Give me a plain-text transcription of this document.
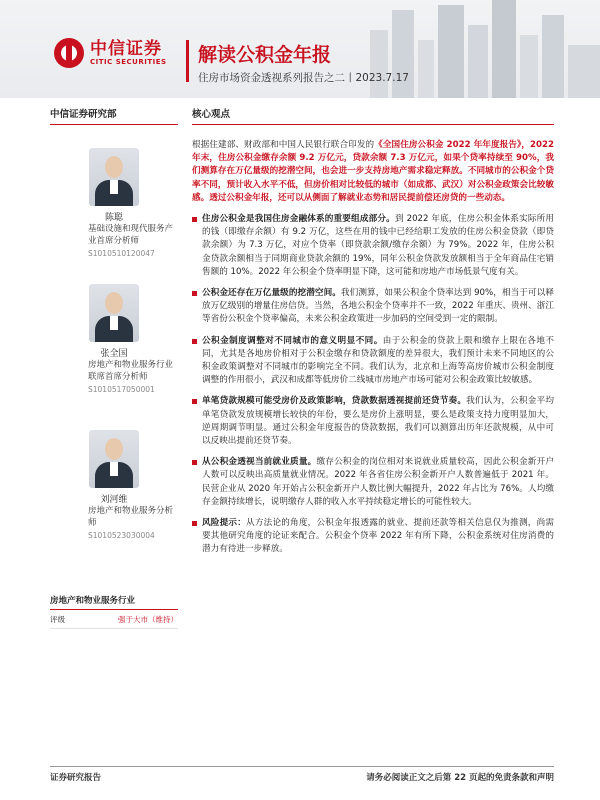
中信证券
CITIC SECURITIES 解读公积金年报
住房市场资金透视系列报告之二丨2023.7.17
中信证券研究部
陈聪
基础设施和现代服务产业首席分析师
S1010510120047
张全国
房地产和物业服务行业联席首席分析师
S1010517050001
刘河维
房地产和物业服务分析师
S1010523030004
房地产和物业服务行业
评级	强于大市（维持）
核心观点
根据住建部、财政部和中国人民银行联合印发的《全国住房公积金 2022 年年度报告》，2022 年末，住房公积金缴存余额 9.2 万亿元，贷款余额 7.3 万亿元，如果个贷率持续至 90%，我们测算存在万亿量级的挖潜空间，也会进一步支持房地产需求稳定释放。不同城市的公积金个贷率不同，预计收入水平不低，但房价相对比较低的城市（如成都、武汉）对公积金政策会比较敏感。透过公积金年报，还可以从侧面了解就业态势和居民提前偿还房贷的一些动态。
住房公积金是我国住房金融体系的重要组成部分。到 2022 年底，住房公积金体系实际所用的钱（即缴存余额）有 9.2 万亿，这些在用的钱中已经给职工发放的住房公积金贷款（即贷款余额）为 7.3 万亿，对应个贷率（即贷款余额/缴存余额）为 79%。2022 年，住房公积金贷款余额相当于同期商业贷款余额的 19%，同年公积金贷款发放额相当于全年商品住宅销售额的 10%。2022 年公积金个贷率明显下降，这可能和房地产市场低景气度有关。
公积金还存在万亿量级的挖潜空间。我们测算，如果公积金个贷率达到 90%，相当于可以释放万亿级别的增量住房信贷。当然，各地公积金个贷率并不一致，2022 年重庆、贵州、浙江等省份公积金个贷率偏高，未来公积金政策进一步加码的空间受到一定的限制。
公积金制度调整对不同城市的意义明显不同。由于公积金的贷款上限和缴存上限在各地不同，尤其是各地房价相对于公积金缴存和贷款额度的差异很大，我们预计未来不同地区的公积金政策调整对不同城市的影响完全不同。我们认为，北京和上海等高房价城市公积金制度调整的作用很小，武汉和成都等低房价二线城市房地产市场可能对公积金政策比较敏感。
单笔贷款规模可能受房价及政策影响，贷款数据透视提前还贷节奏。我们认为，公积金平均单笔贷款发放规模增长较快的年份，要么是房价上涨明显，要么是政策支持力度明显加大，逆周期调节明显。通过公积金年度报告的贷款数据，我们可以测算出历年还款规模，从中可以反映出提前还贷节奏。
从公积金透视当前就业质量。缴存公积金的岗位相对来说就业质量较高，因此公积金新开户人数可以反映出高质量就业情况。2022 年各省住房公积金新开户人数普遍低于 2021 年。民营企业从 2020 年开始占公积金新开户人数比例大幅提升，2022 年占比为 76%。人均缴存金额持续增长，说明缴存人群的收入水平持续稳定增长的可能性较大。
风险提示：从方法论的角度，公积金年报透露的就业、提前还款等相关信息仅为推测，尚需要其他研究角度的论证来配合。公积金个贷率 2022 年有所下降，公积金系统对住房消费的潜力有待进一步释放。
证券研究报告	请务必阅读正文之后第 22 页起的免责条款和声明
